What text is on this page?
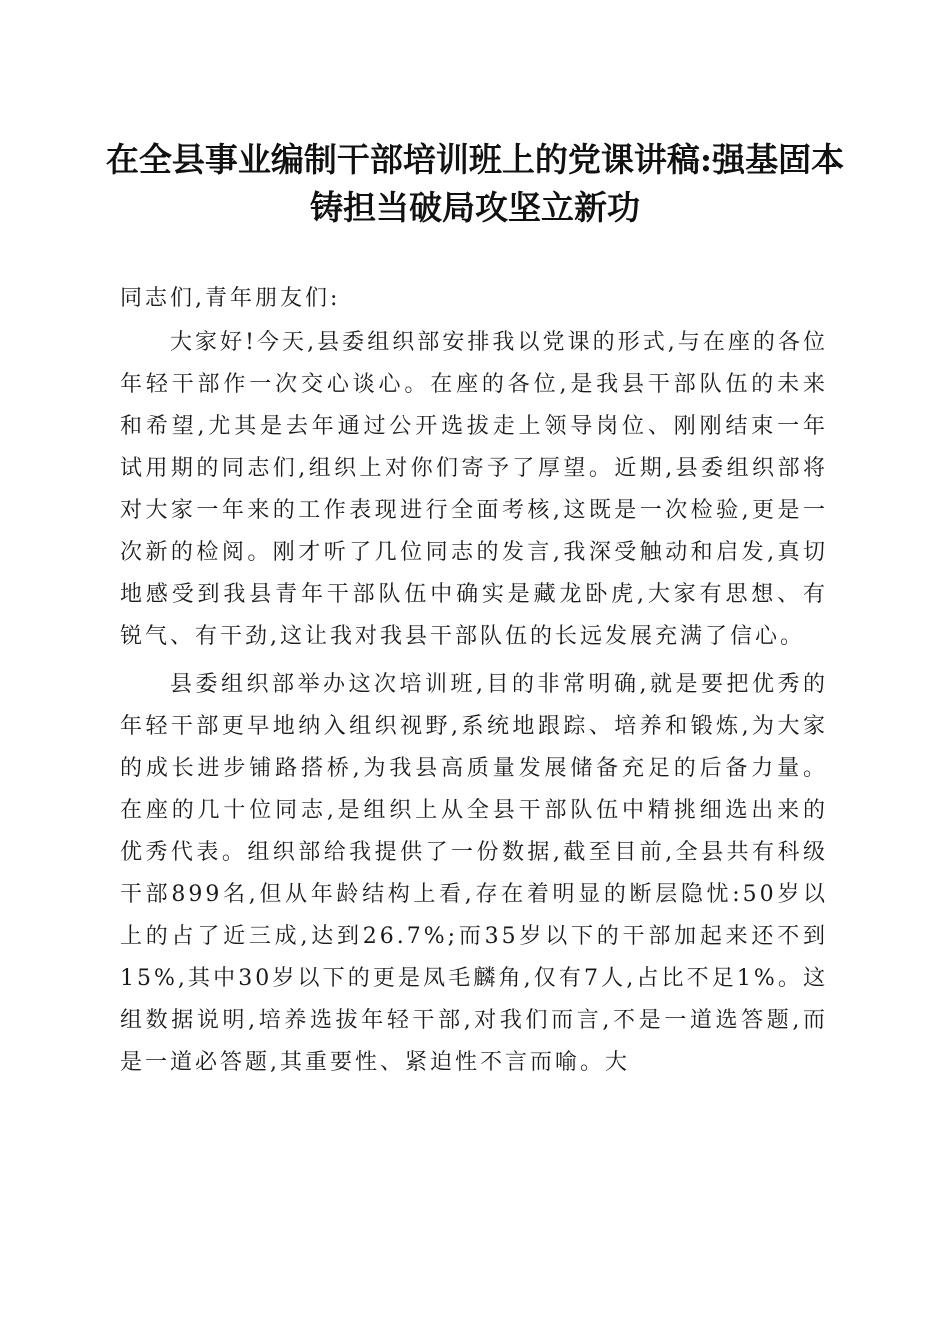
在全县事业编制干部培训班上的党课讲稿:强基固本铸担当破局攻坚立新功

同志们,青年朋友们:

大家好!今天,县委组织部安排我以党课的形式,与在座的各位年轻干部作一次交心谈心。在座的各位,是我县干部队伍的未来和希望,尤其是去年通过公开选拔走上领导岗位、刚刚结束一年试用期的同志们,组织上对你们寄予了厚望。近期,县委组织部将对大家一年来的工作表现进行全面考核,这既是一次检验,更是一次新的检阅。刚才听了几位同志的发言,我深受触动和启发,真切地感受到我县青年干部队伍中确实是藏龙卧虎,大家有思想、有锐气、有干劲,这让我对我县干部队伍的长远发展充满了信心。

县委组织部举办这次培训班,目的非常明确,就是要把优秀的年轻干部更早地纳入组织视野,系统地跟踪、培养和锻炼,为大家的成长进步铺路搭桥,为我县高质量发展储备充足的后备力量。在座的几十位同志,是组织上从全县干部队伍中精挑细选出来的优秀代表。组织部给我提供了一份数据,截至目前,全县共有科级干部899名,但从年龄结构上看,存在着明显的断层隐忧:50岁以上的占了近三成,达到26.7%;而35岁以下的干部加起来还不到15%,其中30岁以下的更是凤毛麟角,仅有7人,占比不足1%。这组数据说明,培养选拔年轻干部,对我们而言,不是一道选答题,而是一道必答题,其重要性、紧迫性不言而喻。大
